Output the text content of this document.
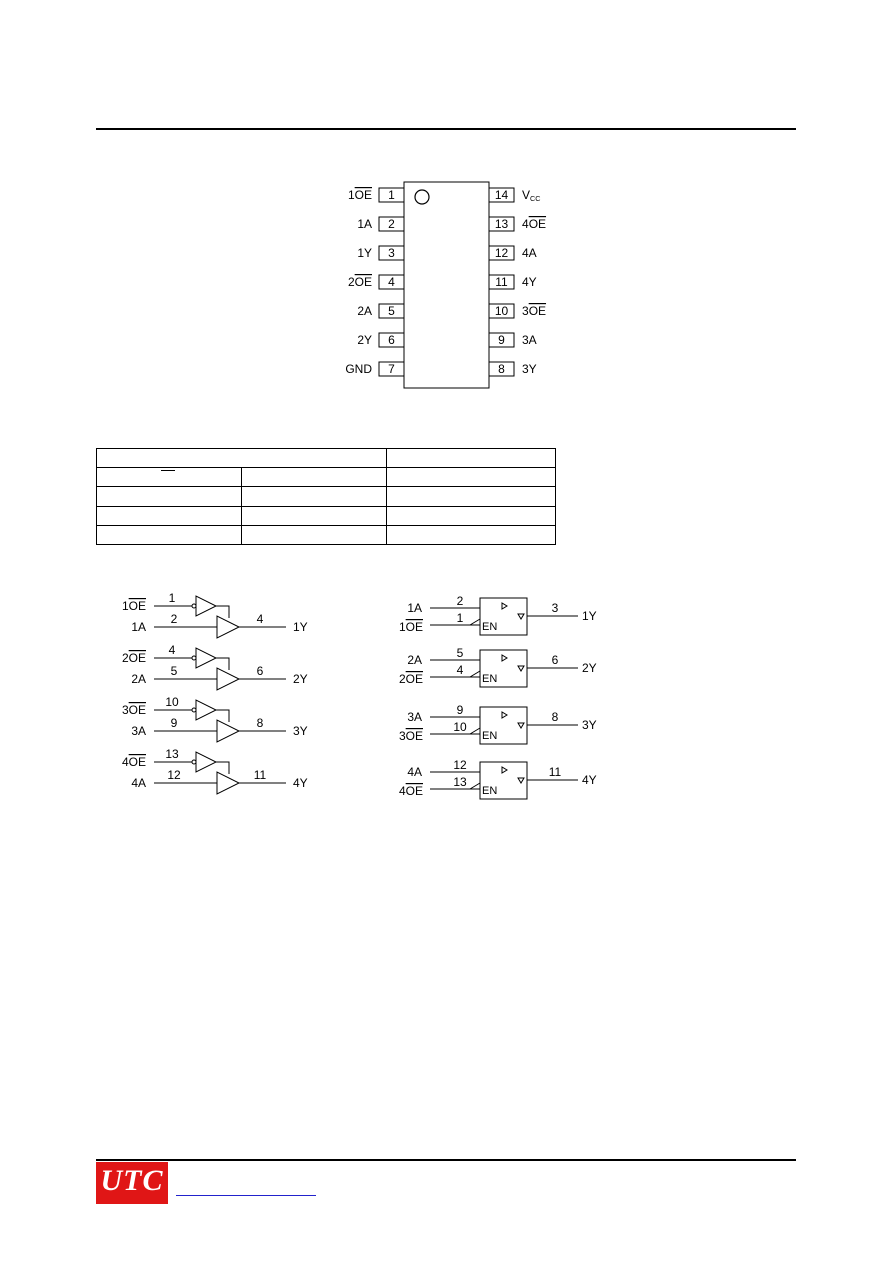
1
1OE
2
1A
3
1Y
4
2OE
5
2A
6
2Y
7
GND
14 VCC
13 4OE
12 4A
11 4Y
10 3OE
9 3A
8 3Y

1OE
1
1A
2	4
1Y
2OE
4
2A
5	6
2Y
3OE
10
3A
9	8
3Y
4OE
13
4A
12	11
4Y
1A	2
1OE
1
EN
3
1Y
2A	5
2OE
4
EN
6
2Y
3A	9
3OE
10
EN
8
3Y
4A	12
4OE
13
EN
11
4Y
UTC
